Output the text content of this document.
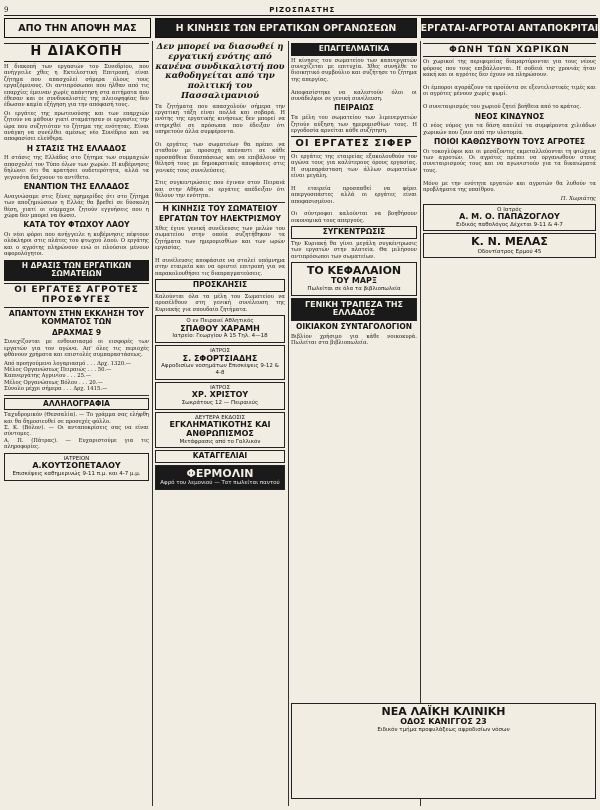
9	ΡΙΖΟΣΠΑΣΤΗΣ
ΑΠΟ ΤΗΝ ΑΠΟΨΗ ΜΑΣ	Η ΚΙΝΗΣΙΣ ΤΩΝ ΕΡΓΑΤΙΚΩΝ ΟΡΓΑΝΩΣΕΩΝ	ΕΡΓΑΤΑΙ-ΑΓΡΟΤΑΙ ΑΝΤΑΠΟΚΡΙΤΑΙ
Η ΔΙΑΚΟΠΗ
Η διακοπή των εργασιών του Συνεδρίου, που ανήγγειλε χθες η Εκτελεστική Επιτροπή, είναι ζήτημα που απασχολεί σήμερα όλους τους εργαζόμενους. Οι αντιπρόσωποι που ήλθαν από τις επαρχίες έμειναν χωρίς απάντηση στα αιτήματα που έθεσαν και οι συνδικαλιστές της πλειοψηφίας δεν έδωσαν καμία εξήγηση για την απόφασή τους.
Οι εργάτες της πρωτευούσης και των επαρχιών ζητούν να μάθουν γιατί σταμάτησαν οι εργασίες την ώρα που συζητιόταν το ζήτημα της ενότητας. Είναι ανάγκη να συνέλθει αμέσως νέο Συνέδριο και να αποφασίσει ελεύθερα.
Η ΣΤΑΣΙΣ ΤΗΣ ΕΛΛΑΔΟΣ
Η στάσις της Ελλάδος στο ζήτημα των συμμαχιών απασχολεί τον Τύπο όλων των χωρών. Η κυβέρνησις δηλώνει ότι θα κρατήσει ουδετερότητα, αλλά τα γεγονότα δείχνουν το αντίθετο.
ΕΝΑΝΤΙΟΝ ΤΗΣ ΕΛΛΑΔΟΣ
Αναγνώσαμε στις ξένες εφημερίδες ότι στο ζήτημα των αποζημιώσεων η Ελλάς θα βρεθεί σε δύσκολη θέση, γιατί οι σύμμαχοι ζητούν εγγυήσεις που η χώρα δεν μπορεί να δώσει.
ΚΑΤΑ ΤΟΥ ΦΤΩΧΟΥ ΛΑΟΥ
Οι νέοι φόροι που ανήγγειλε η κυβέρνησις πέφτουν ολόκληροι στις πλάτες του φτωχού λαού. Ο εργάτης και ο αγρότης πληρώνουν ενώ οι πλούσιοι μένουν αφορολόγητοι.
Η ΔΡΑΣΙΣ ΤΩΝ ΕΡΓΑΤΙΚΩΝ ΣΩΜΑΤΕΙΩΝ
ΟΙ ΕΡΓΑΤΕΣ ΑΓΡΟΤΕΣ ΠΡΟΣΦΥΓΕΣ
ΑΠΑΝΤΟΥΝ ΣΤΗΝ ΕΚΚΛΗΣΗ ΤΟΥ ΚΟΜΜΑΤΟΣ ΤΩΝ
ΔΡΑΧΜΑΣ 9
Συνεχίζονται με ενθουσιασμό οι εισφορές των εργατών για τον αγώνα. Απ' όλες τις περιοχές φθάνουν χρήματα και επιστολές συμπαραστάσεως.
Από προηγούμενο λογαριασμό . . . Δρχ. 1320.—
Μέλος Οργανώσεως Πειραιώς . . . 50.—
Καπνεργάτης Αγρινίου . . . 25.—
Μέλος Οργανώσεως Βόλου . . . 20.—
Σύνολο μέχρι σήμερα . . . Δρχ. 1415.—
ΑΛΛΗΛΟΓΡΑΦΙΑ
Ταχυδρομικόν (Θεσσαλία). — Το γράμμα σας ελήφθη και θα δημοσιευθεί σε προσεχές φύλλο.
Σ. Κ. (Βόλον). — Οι ανταποκρίσεις σας να είναι σύντομες.
Α. Π. (Πάτρας). — Ευχαριστούμε για τις πληροφορίες.
ΙΑΤΡΕΙΟΝ
Α.ΚΟΥΤΣΟΠΕΤΑΛΟΥ
Επισκέψεις καθημερινώς 9-11 π.μ. και 4-7 μ.μ.
Δεν μπορεί να διασωθεί η εργατική ενότης από κανένα συνδικαλιστή που καθοδηγείται από την πολιτική του Πασσαλιμανιού
Τα ζητήματα που απασχολούν σήμερα την εργατική τάξη είναι πολλά και σοβαρά. Η ενότης της εργατικής κινήσεως δεν μπορεί να στηριχθεί σε πρόσωπα που έδειξαν ότι υπηρετούν άλλα συμφέροντα.

Οι εργάτες των σωματείων θα πρέπει να σταθούν με προσοχή απέναντι σε κάθε προσπάθεια διασπάσεως και να επιβάλουν τη θέλησή τους με δημοκρατικές αποφάσεις στις γενικές τους συνελεύσεις.

Στις συγκεντρώσεις που έγιναν στον Πειραιά και στην Αθήνα οι εργάτες απέδειξαν ότι θέλουν την ενότητα.
Η ΚΙΝΗΣΙΣ ΤΟΥ ΣΩΜΑΤΕΙΟΥ
ΕΡΓΑΤΩΝ ΤΟΥ ΗΛΕΚΤΡΙΣΜΟΥ
Χθες έγινε γενική συνέλευσις των μελών του σωματείου στην οποία συζητήθηκαν τα ζητήματα των ημερομισθίων και των ωρών εργασίας.

Η συνέλευσις αποφάσισε να σταλεί υπόμνημα στην εταιρεία και να οριστεί επιτροπή για να παρακολουθήσει τις διαπραγματεύσεις.
ΠΡΟΣΚΛΗΣΙΣ
Καλούνται όλα τα μέλη του Σωματείου να προσέλθουν στη γενική συνέλευση της Κυριακής για σπουδαία ζητήματα.
Ο εν Πειραιεί Αθλητικός
ΣΠΑΘΟΥ ΧΑΡΑΜΗ
Ιατρείο: Γεωργίου Ά 15 Τηλ. 4—18
ΙΑΤΡΟΣ
Σ. ΣΦΟΡΤΣΙΑΔΗΣ
Αφροδισίων νοσημάτων Επισκέψεις 9-12 & 4-8
ΙΑΤΡΟΣ
ΧΡ. ΧΡΙΣΤΟΥ
Σωκράτους 12 — Πειραιεύς
ΔΕΥΤΕΡΑ ΕΚΔΟΣΙΣ
ΕΓΚΛΗΜΑΤΙΚΟΤΗΣ ΚΑΙ ΑΝΘΡΩΠΙΣΜΟΣ
Μετάφρασις από το Γαλλικόν
ΚΑΤΑΓΓΕΛΙΑΙ
ΦΕΡΜΟΛΙΝ
Αφρό του λεμονιού — Τοτ πωλείται παντού
ΕΠΑΓΓΕΛΜΑΤΙΚΑ
Η κίνησις του σωματείου των καπνεργατών συνεχίζεται με επιτυχία. Χθες συνήλθε το διοικητικό συμβούλιο και συζήτησε το ζήτημα της απεργίας.

Αποφασίστηκε να καλεστούν όλοι οι συνάδελφοι σε γενική συνέλευση.
ΠΕΙΡΑΙΩΣ
Τα μέλη του σωματείου των λιμενεργατών ζητούν αύξηση των ημερομισθίων τους. Η εργοδοσία αρνείται κάθε συζήτηση.
ΟΙ ΕΡΓΑΤΕΣ ΣΙΦΕΡ
Οι εργάτες της εταιρείας εξακολουθούν τον αγώνα τους για καλύτερους όρους εργασίας. Η συμπαράσταση των άλλων σωματείων είναι μεγάλη.

Η εταιρεία προσπαθεί να φέρει απεργοσπάστες αλλά οι εργάτες είναι αποφασισμένοι.

Οι σύντροφοι καλούνται να βοηθήσουν οικονομικά τους απεργούς.
ΣΥΓΚΕΝΤΡΩΣΙΣ
Την Κυριακή θα γίνει μεγάλη συγκέντρωσις των εργατών στην πλατεία. Θα μιλήσουν αντιπρόσωποι των σωματείων.
ΤΟ ΚΕΦΑΛΑΙΟΝ
ΤΟΥ ΜΑΡΞ
Πωλείται σε όλα τα βιβλιοπωλεία
ΓΕΝΙΚΗ ΤΡΑΠΕΖΑ ΤΗΣ ΕΛΛΑΔΟΣ
ΟΙΚΙΑΚΟΝ ΣΥΝΤΑΓΟΛΟΓΙΟΝ
Βιβλίον χρήσιμο για κάθε νοικοκυρά. Πωλείται στα βιβλιοπωλεία.
ΦΩΝΗ ΤΩΝ ΧΩΡΙΚΩΝ
Οι χωρικοί της περιφερείας διαμαρτύρονται για τους νέους φόρους που τους επιβάλλονται. Η σοδειά της χρονιάς ήταν κακή και οι αγρότες δεν έχουν να πληρώσουν.

Οι έμποροι αγοράζουν τα προϊόντα σε εξευτελιστικές τιμές και οι αγρότες μένουν χωρίς ψωμί.

Ο συνεταιρισμός του χωριού ζητεί βοήθεια από το κράτος.
ΝΕΟΣ ΚΙΝΔΥΝΟΣ
Ο νέος νόμος για τα δάση απειλεί τα συμφέροντα χιλιάδων χωρικών που ζουν από την υλοτομία.
ΠΟΙΟΙ ΚΑΘΩΣΥΒΟΥΝ ΤΟΥΣ ΑΓΡΟΤΕΣ
Οι τοκογλύφοι και οι μεσάζοντες εκμεταλλεύονται τη φτώχεια των αγροτών. Οι αγρότες πρέπει να οργανωθούν στους συνεταιρισμούς τους και να αγωνιστούν για τα δικαιώματά τους.

Μόνο με την ενότητα εργατών και αγροτών θα λυθούν τα προβλήματα της υπαίθρου.
Π. Χωριάτης
Ο Ιατρός
Α. Μ. Ο. ΠΑΠΑΖΟΓΛΟΥ
Ειδικός παθολόγος Δέχεται 9-11 & 4-7
Κ. Ν. ΜΕΛΑΣ
Οδοντίατρος Ερμού 45
ΝΕΑ ΛΑΪΚΗ ΚΛΙΝΙΚΗ
ΟΔΟΣ ΚΑΝΙΓΓΟΣ 23
Ειδικόν τμήμα προφυλάξεως αφροδισίων νόσων
